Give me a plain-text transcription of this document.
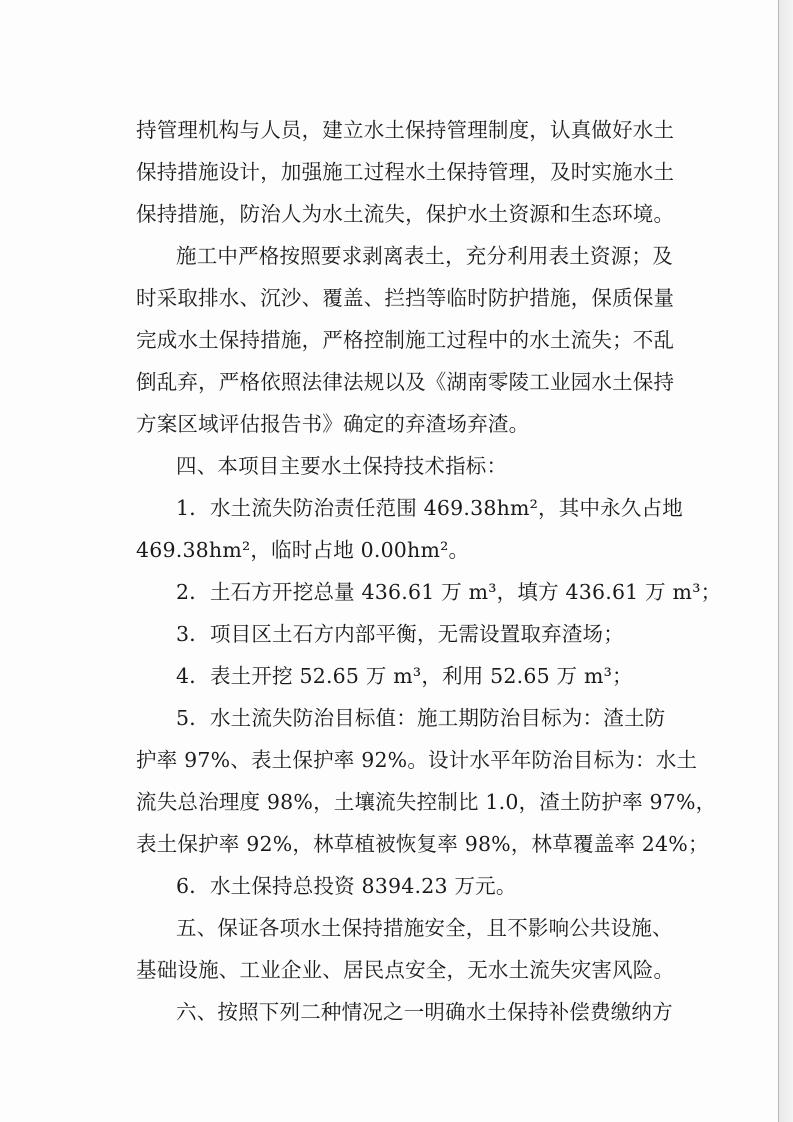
持管理机构与人员，建立水土保持管理制度，认真做好水土
保持措施设计，加强施工过程水土保持管理，及时实施水土
保持措施，防治人为水土流失，保护水土资源和生态环境。
施工中严格按照要求剥离表土，充分利用表土资源；及
时采取排水、沉沙、覆盖、拦挡等临时防护措施，保质保量
完成水土保持措施，严格控制施工过程中的水土流失；不乱
倒乱弃，严格依照法律法规以及《湖南零陵工业园水土保持
方案区域评估报告书》确定的弃渣场弃渣。
四、本项目主要水土保持技术指标：
1．水土流失防治责任范围 469.38hm²，其中永久占地
469.38hm²，临时占地 0.00hm²。
2．土石方开挖总量 436.61 万 m³，填方 436.61 万 m³；
3．项目区土石方内部平衡，无需设置取弃渣场；
4．表土开挖 52.65 万 m³，利用 52.65 万 m³；
5．水土流失防治目标值：施工期防治目标为：渣土防
护率 97%、表土保护率 92%。设计水平年防治目标为：水土
流失总治理度 98%，土壤流失控制比 1.0，渣土防护率 97%，
表土保护率 92%，林草植被恢复率 98%，林草覆盖率 24%；
6．水土保持总投资 8394.23 万元。
五、保证各项水土保持措施安全，且不影响公共设施、
基础设施、工业企业、居民点安全，无水土流失灾害风险。
六、按照下列二种情况之一明确水土保持补偿费缴纳方
